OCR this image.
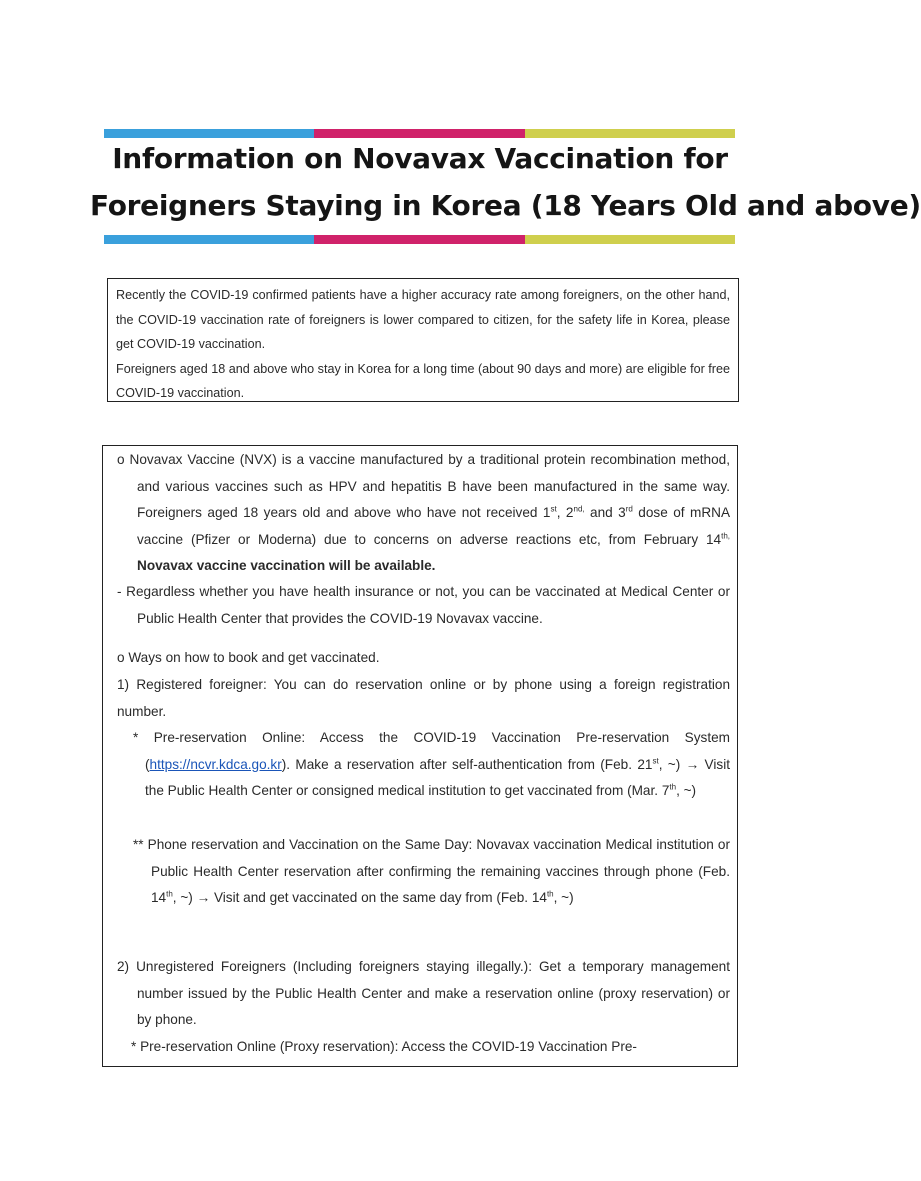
Information on Novavax Vaccination for
Foreigners Staying in Korea (18 Years Old and above)

Recently the COVID-19 confirmed patients have a higher accuracy rate among foreigners, on the other hand, the COVID-19 vaccination rate of foreigners is lower compared to citizen, for the safety life in Korea, please get COVID-19 vaccination.

Foreigners aged 18 and above who stay in Korea for a long time (about 90 days and more) are eligible for free COVID-19 vaccination.

o Novavax Vaccine (NVX) is a vaccine manufactured by a traditional protein recombination method, and various vaccines such as HPV and hepatitis B have been manufactured in the same way. Foreigners aged 18 years old and above who have not received 1st, $2^{nd,}$ and 3rd dose of mRNA vaccine (Pfizer or Moderna) due to concerns on adverse reactions etc, from February $14^{th,}$ Novavax vaccine vaccination will be available.

- Regardless whether you have health insurance or not, you can be vaccinated at Medical Center or Public Health Center that provides the COVID-19 Novavax vaccine.

o Ways on how to book and get vaccinated.

1) Registered foreigner: You can do reservation online or by phone using a foreign registration number.

* Pre-reservation Online: Access the COVID-19 Vaccination Pre-reservation System (https://ncvr.kdca.go.kr). Make a reservation after self-authentication from (Feb. 21st, ~) → Visit the Public Health Center or consigned medical institution to get vaccinated from (Mar. 7th, ~)

** Phone reservation and Vaccination on the Same Day: Novavax vaccination Medical institution or Public Health Center reservation after confirming the remaining vaccines through phone (Feb. 14th, ~) → Visit and get vaccinated on the same day from (Feb. 14th, ~)

2) Unregistered Foreigners (Including foreigners staying illegally.): Get a temporary management number issued by the Public Health Center and make a reservation online (proxy reservation) or by phone.

* Pre-reservation Online (Proxy reservation): Access the COVID-19 Vaccination Pre-
